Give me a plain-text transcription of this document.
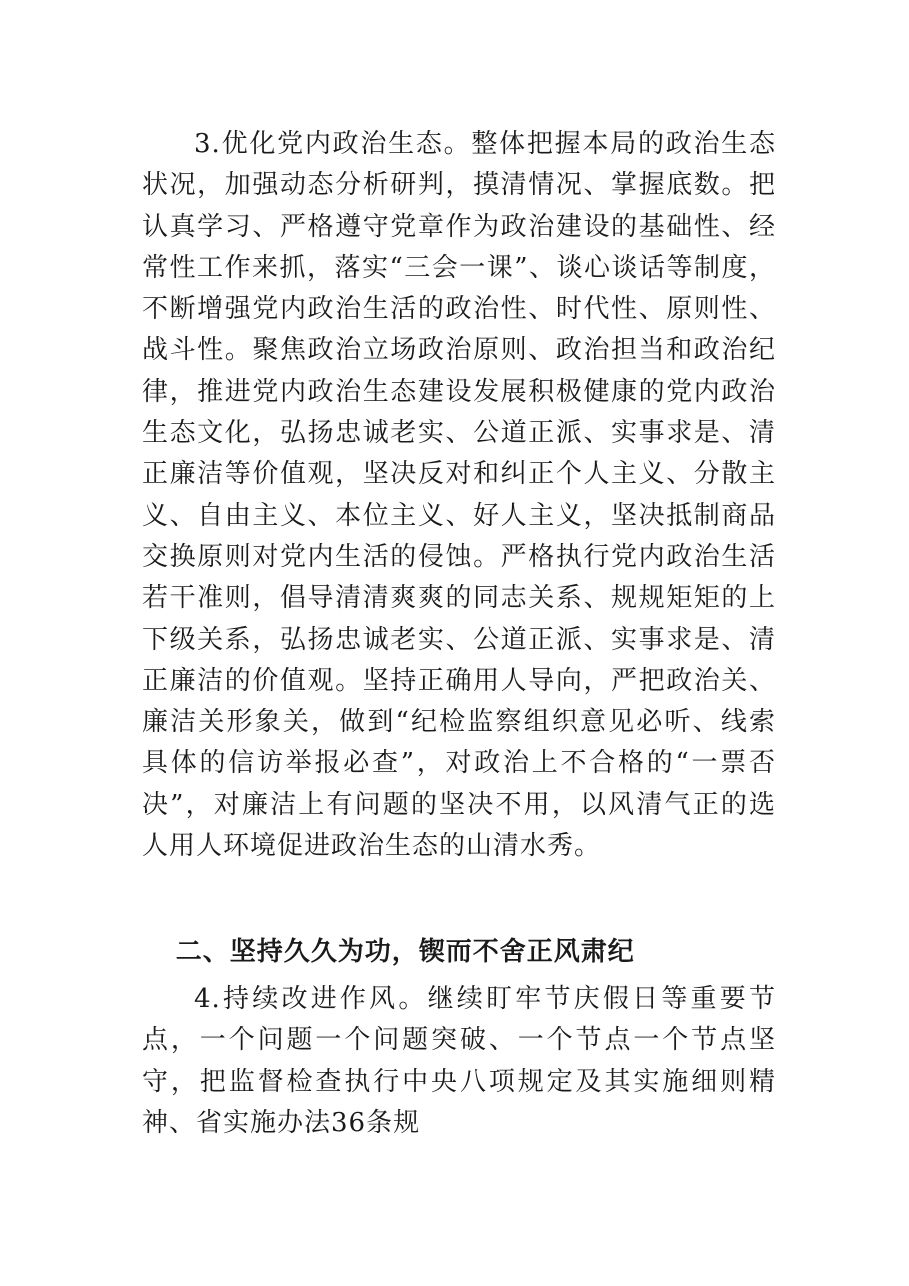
3.优化党内政治生态。整体把握本局的政治生态状况，加强动态分析研判，摸清情况、掌握底数。把认真学习、严格遵守党章作为政治建设的基础性、经常性工作来抓，落实“三会一课”、谈心谈话等制度，不断增强党内政治生活的政治性、时代性、原则性、战斗性。聚焦政治立场政治原则、政治担当和政治纪律，推进党内政治生态建设发展积极健康的党内政治生态文化，弘扬忠诚老实、公道正派、实事求是、清正廉洁等价值观，坚决反对和纠正个人主义、分散主义、自由主义、本位主义、好人主义，坚决抵制商品交换原则对党内生活的侵蚀。严格执行党内政治生活若干准则，倡导清清爽爽的同志关系、规规矩矩的上下级关系，弘扬忠诚老实、公道正派、实事求是、清正廉洁的价值观。坚持正确用人导向，严把政治关、廉洁关形象关，做到“纪检监察组织意见必听、线索具体的信访举报必查”，对政治上不合格的“一票否决”，对廉洁上有问题的坚决不用，以风清气正的选人用人环境促进政治生态的山清水秀。

二、坚持久久为功，锲而不舍正风肃纪

4.持续改进作风。继续盯牢节庆假日等重要节点，一个问题一个问题突破、一个节点一个节点坚守，把监督检查执行中央八项规定及其实施细则精神、省实施办法36条规
